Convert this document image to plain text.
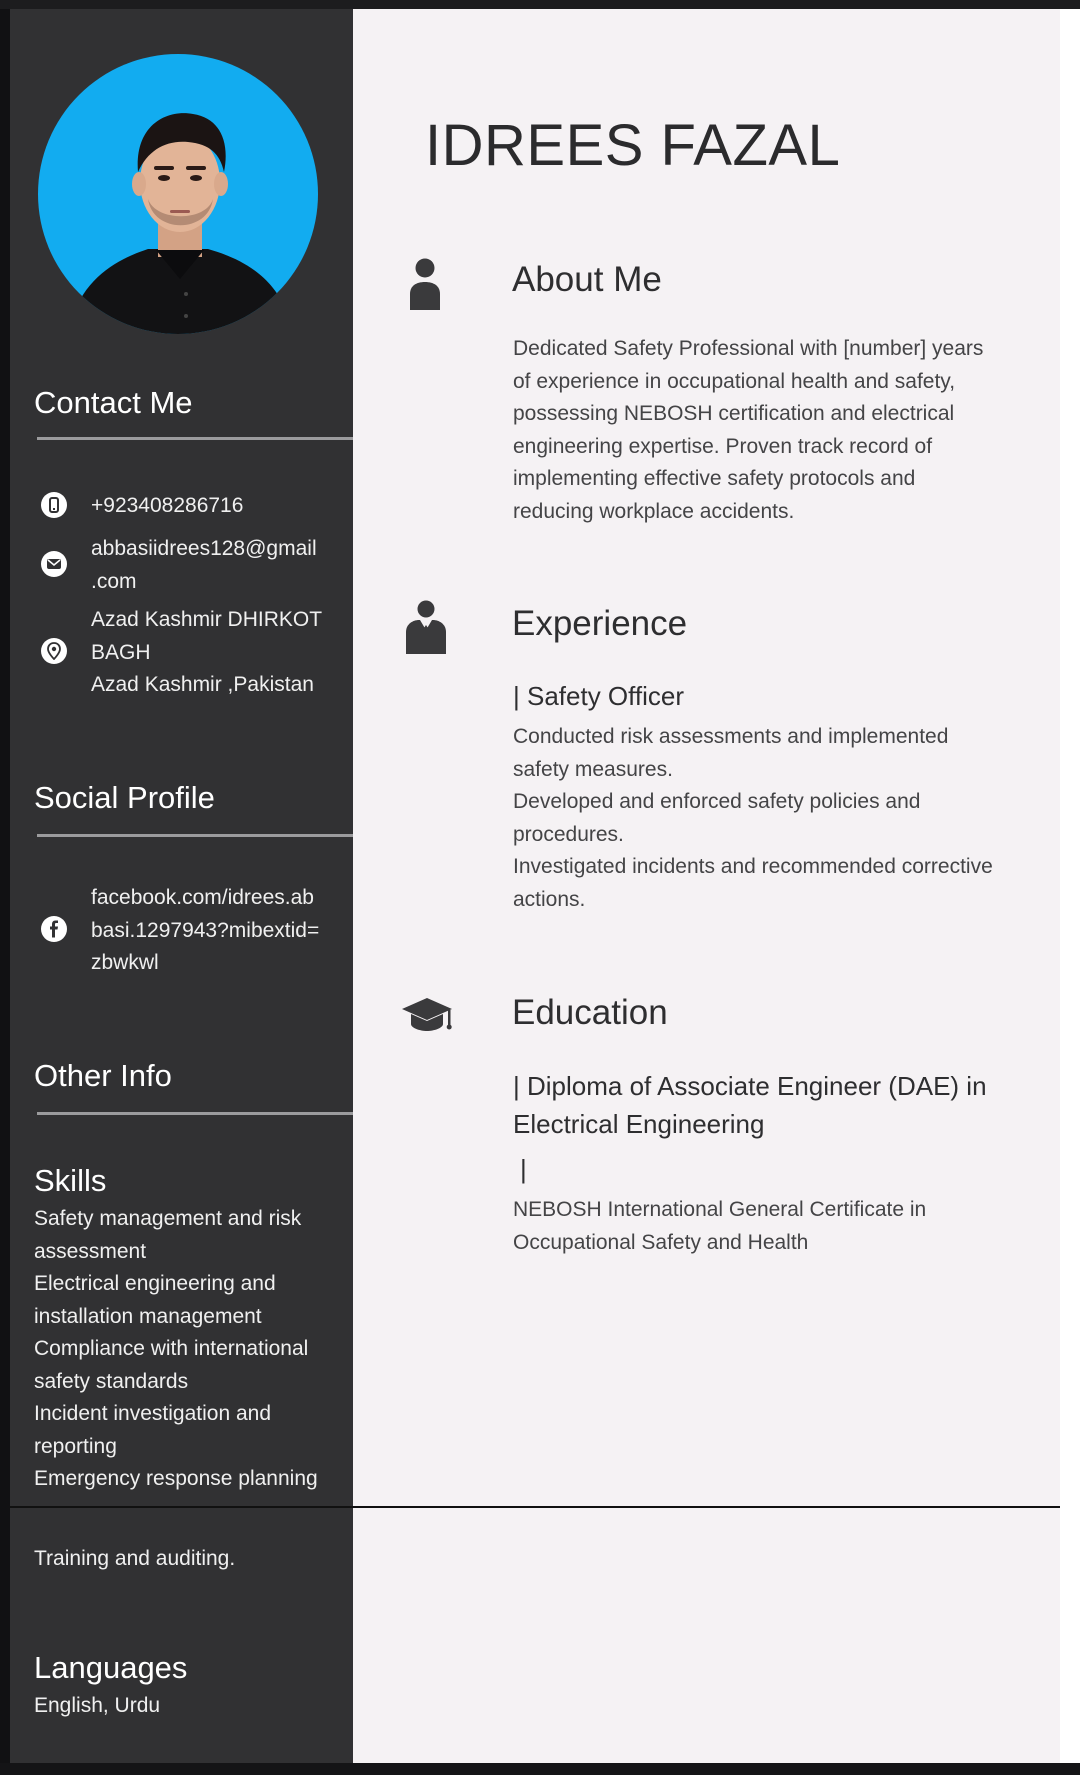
Contact Me

+923408286716

abbasiidrees128@gmail
.com

Azad Kashmir DHIRKOT
BAGH
Azad Kashmir ,Pakistan

Social Profile

facebook.com/idrees.ab
basi.1297943?mibextid=
zbwkwl

Other Info
Skills

Safety management and risk
assessment
Electrical engineering and
installation management
Compliance with international
safety standards
Incident investigation and
reporting
Emergency response planning

Training and auditing.

Languages

English, Urdu

IDREES FAZAL
About Me

Dedicated Safety Professional with [number] years
of experience in occupational health and safety,
possessing NEBOSH certification and electrical
engineering expertise. Proven track record of
implementing effective safety protocols and
reducing workplace accidents.

Experience

| Safety Officer

Conducted risk assessments and implemented
safety measures.
Developed and enforced safety policies and
procedures.
Investigated incidents and recommended corrective
actions.

Education

| Diploma of Associate Engineer (DAE) in
Electrical Engineering

|

NEBOSH International General Certificate in
Occupational Safety and Health
